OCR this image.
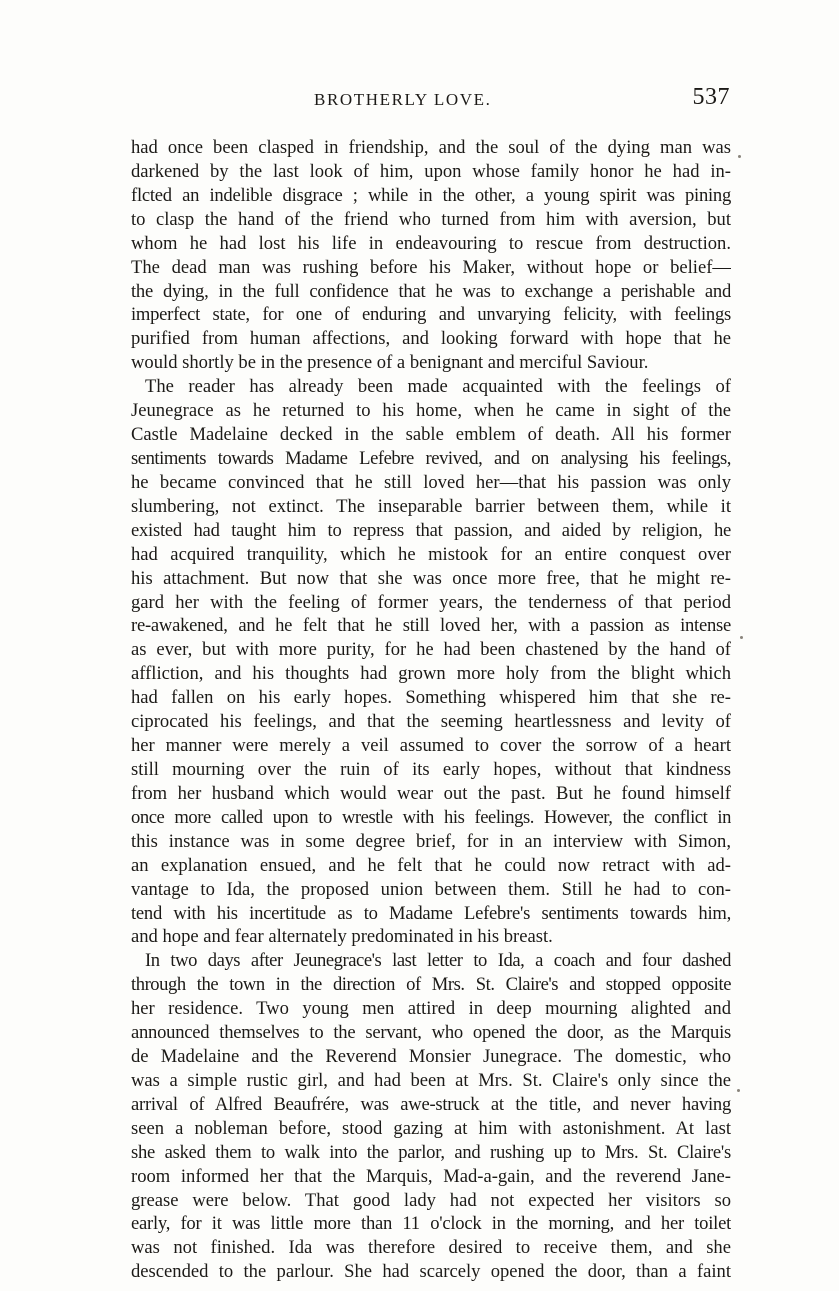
BROTHERLY LOVE.	537
had once been clasped in friendship, and the soul of the dying man was
darkened by the last look of him, upon whose family honor he had in-
flcted an indelible disgrace ; while in the other, a young spirit was pining
to clasp the hand of the friend who turned from him with aversion, but
whom he had lost his life in endeavouring to rescue from destruction.
The dead man was rushing before his Maker, without hope or belief—
the dying, in the full confidence that he was to exchange a perishable and
imperfect state, for one of enduring and unvarying felicity, with feelings
purified from human affections, and looking forward with hope that he
would shortly be in the presence of a benignant and merciful Saviour.
The reader has already been made acquainted with the feelings of
Jeunegrace as he returned to his home, when he came in sight of the
Castle Madelaine decked in the sable emblem of death. All his former
sentiments towards Madame Lefebre revived, and on analysing his feelings,
he became convinced that he still loved her—that his passion was only
slumbering, not extinct. The inseparable barrier between them, while it
existed had taught him to repress that passion, and aided by religion, he
had acquired tranquility, which he mistook for an entire conquest over
his attachment. But now that she was once more free, that he might re-
gard her with the feeling of former years, the tenderness of that period
re-awakened, and he felt that he still loved her, with a passion as intense
as ever, but with more purity, for he had been chastened by the hand of
affliction, and his thoughts had grown more holy from the blight which
had fallen on his early hopes. Something whispered him that she re-
ciprocated his feelings, and that the seeming heartlessness and levity of
her manner were merely a veil assumed to cover the sorrow of a heart
still mourning over the ruin of its early hopes, without that kindness
from her husband which would wear out the past. But he found himself
once more called upon to wrestle with his feelings. However, the conflict in
this instance was in some degree brief, for in an interview with Simon,
an explanation ensued, and he felt that he could now retract with ad-
vantage to Ida, the proposed union between them. Still he had to con-
tend with his incertitude as to Madame Lefebre's sentiments towards him,
and hope and fear alternately predominated in his breast.
In two days after Jeunegrace's last letter to Ida, a coach and four dashed
through the town in the direction of Mrs. St. Claire's and stopped opposite
her residence. Two young men attired in deep mourning alighted and
announced themselves to the servant, who opened the door, as the Marquis
de Madelaine and the Reverend Monsier Junegrace. The domestic, who
was a simple rustic girl, and had been at Mrs. St. Claire's only since the
arrival of Alfred Beaufrére, was awe-struck at the title, and never having
seen a nobleman before, stood gazing at him with astonishment. At last
she asked them to walk into the parlor, and rushing up to Mrs. St. Claire's
room informed her that the Marquis, Mad-a-gain, and the reverend Jane-
grease were below. That good lady had not expected her visitors so
early, for it was little more than 11 o'clock in the morning, and her toilet
was not finished. Ida was therefore desired to receive them, and she
descended to the parlour. She had scarcely opened the door, than a faint
